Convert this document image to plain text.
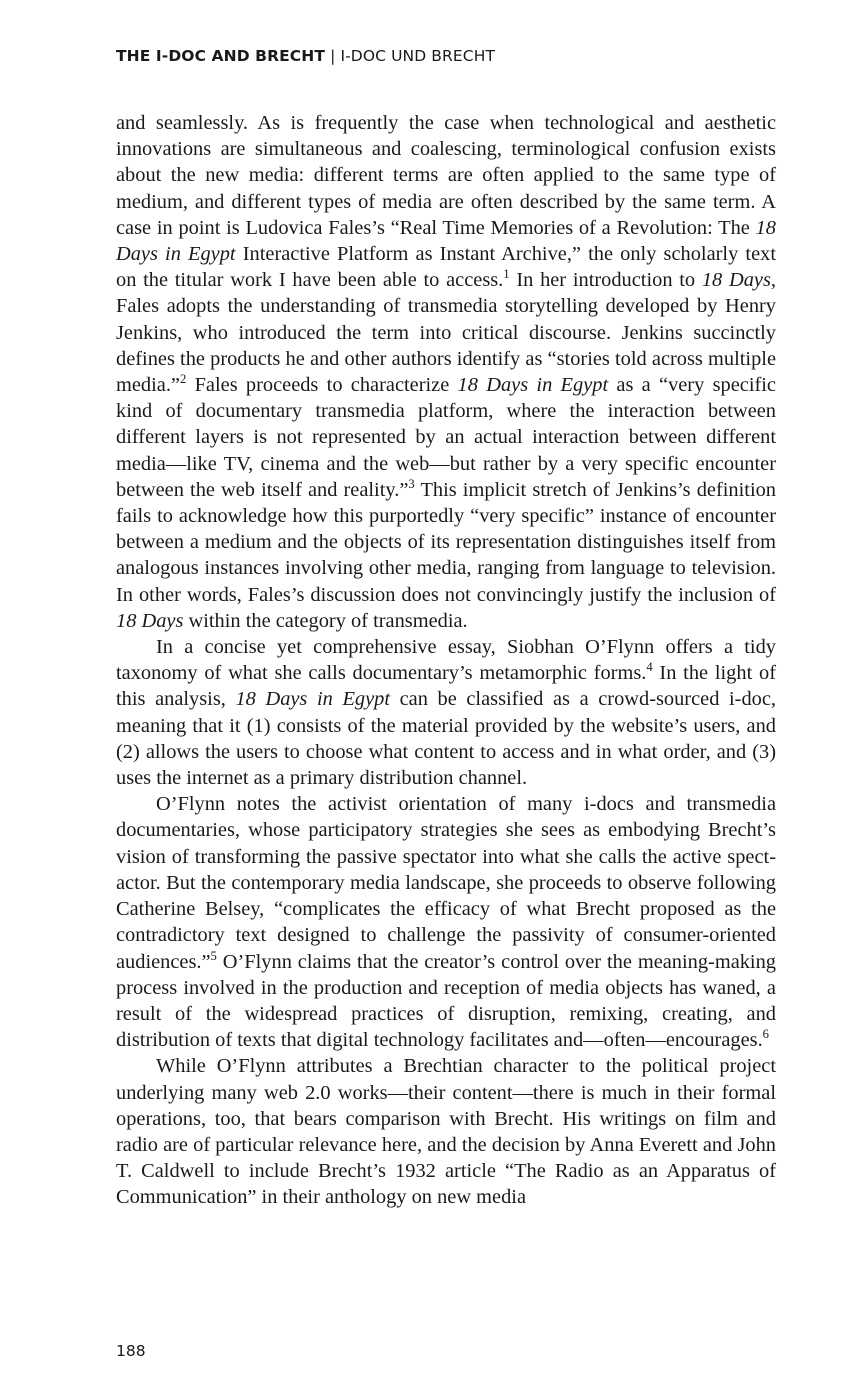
THE I-DOC AND BRECHT | I-DOC UND BRECHT

and seamlessly. As is frequently the case when technological and aesthetic innovations are simultaneous and coalescing, terminological confusion exists about the new media: different terms are often applied to the same type of medium, and different types of media are often described by the same term. A case in point is Ludovica Fales’s “Real Time Memories of a Revolution: The 18 Days in Egypt Interactive Platform as Instant Archive,” the only scholarly text on the titular work I have been able to access.$^1$ In her introduction to 18 Days, Fales adopts the understanding of transmedia storytelling developed by Henry Jenkins, who introduced the term into critical discourse. Jenkins succinctly defines the products he and other authors identify as “stories told across multiple media.”$^2$ Fales proceeds to characterize 18 Days in Egypt as a “very specific kind of documentary transmedia platform, where the interaction between different layers is not represented by an actual interaction between different media—like TV, cinema and the web—but rather by a very specific encounter between the web itself and reality.”$^3$ This implicit stretch of Jenkins’s definition fails to acknowledge how this purportedly “very specific” instance of encounter between a medium and the objects of its representation distinguishes itself from analogous instances involving other media, ranging from language to television. In other words, Fales’s discussion does not convincingly justify the inclusion of 18 Days within the category of transmedia.

In a concise yet comprehensive essay, Siobhan O’Flynn offers a tidy taxonomy of what she calls documentary’s metamorphic forms.$^4$ In the light of this analysis, 18 Days in Egypt can be classified as a crowd-sourced i-doc, meaning that it (1) consists of the material provided by the website’s users, and (2) allows the users to choose what content to access and in what order, and (3) uses the internet as a primary distribution channel.

O’Flynn notes the activist orientation of many i-docs and transmedia documentaries, whose participatory strategies she sees as embodying Brecht’s vision of transforming the passive spectator into what she calls the active spect-actor. But the contemporary media landscape, she proceeds to observe following Catherine Belsey, “complicates the efficacy of what Brecht proposed as the contradictory text designed to challenge the passivity of consumer-oriented audiences.”$^5$ O’Flynn claims that the creator’s control over the meaning-making process involved in the production and reception of media objects has waned, a result of the widespread practices of disruption, remixing, creating, and distribution of texts that digital technology facilitates and—often—encourages.$^6$

While O’Flynn attributes a Brechtian character to the political project underlying many web 2.0 works—their content—there is much in their formal operations, too, that bears comparison with Brecht. His writings on film and radio are of particular relevance here, and the decision by Anna Everett and John T. Caldwell to include Brecht’s 1932 article “The Radio as an Apparatus of Communication” in their anthology on new media

188
